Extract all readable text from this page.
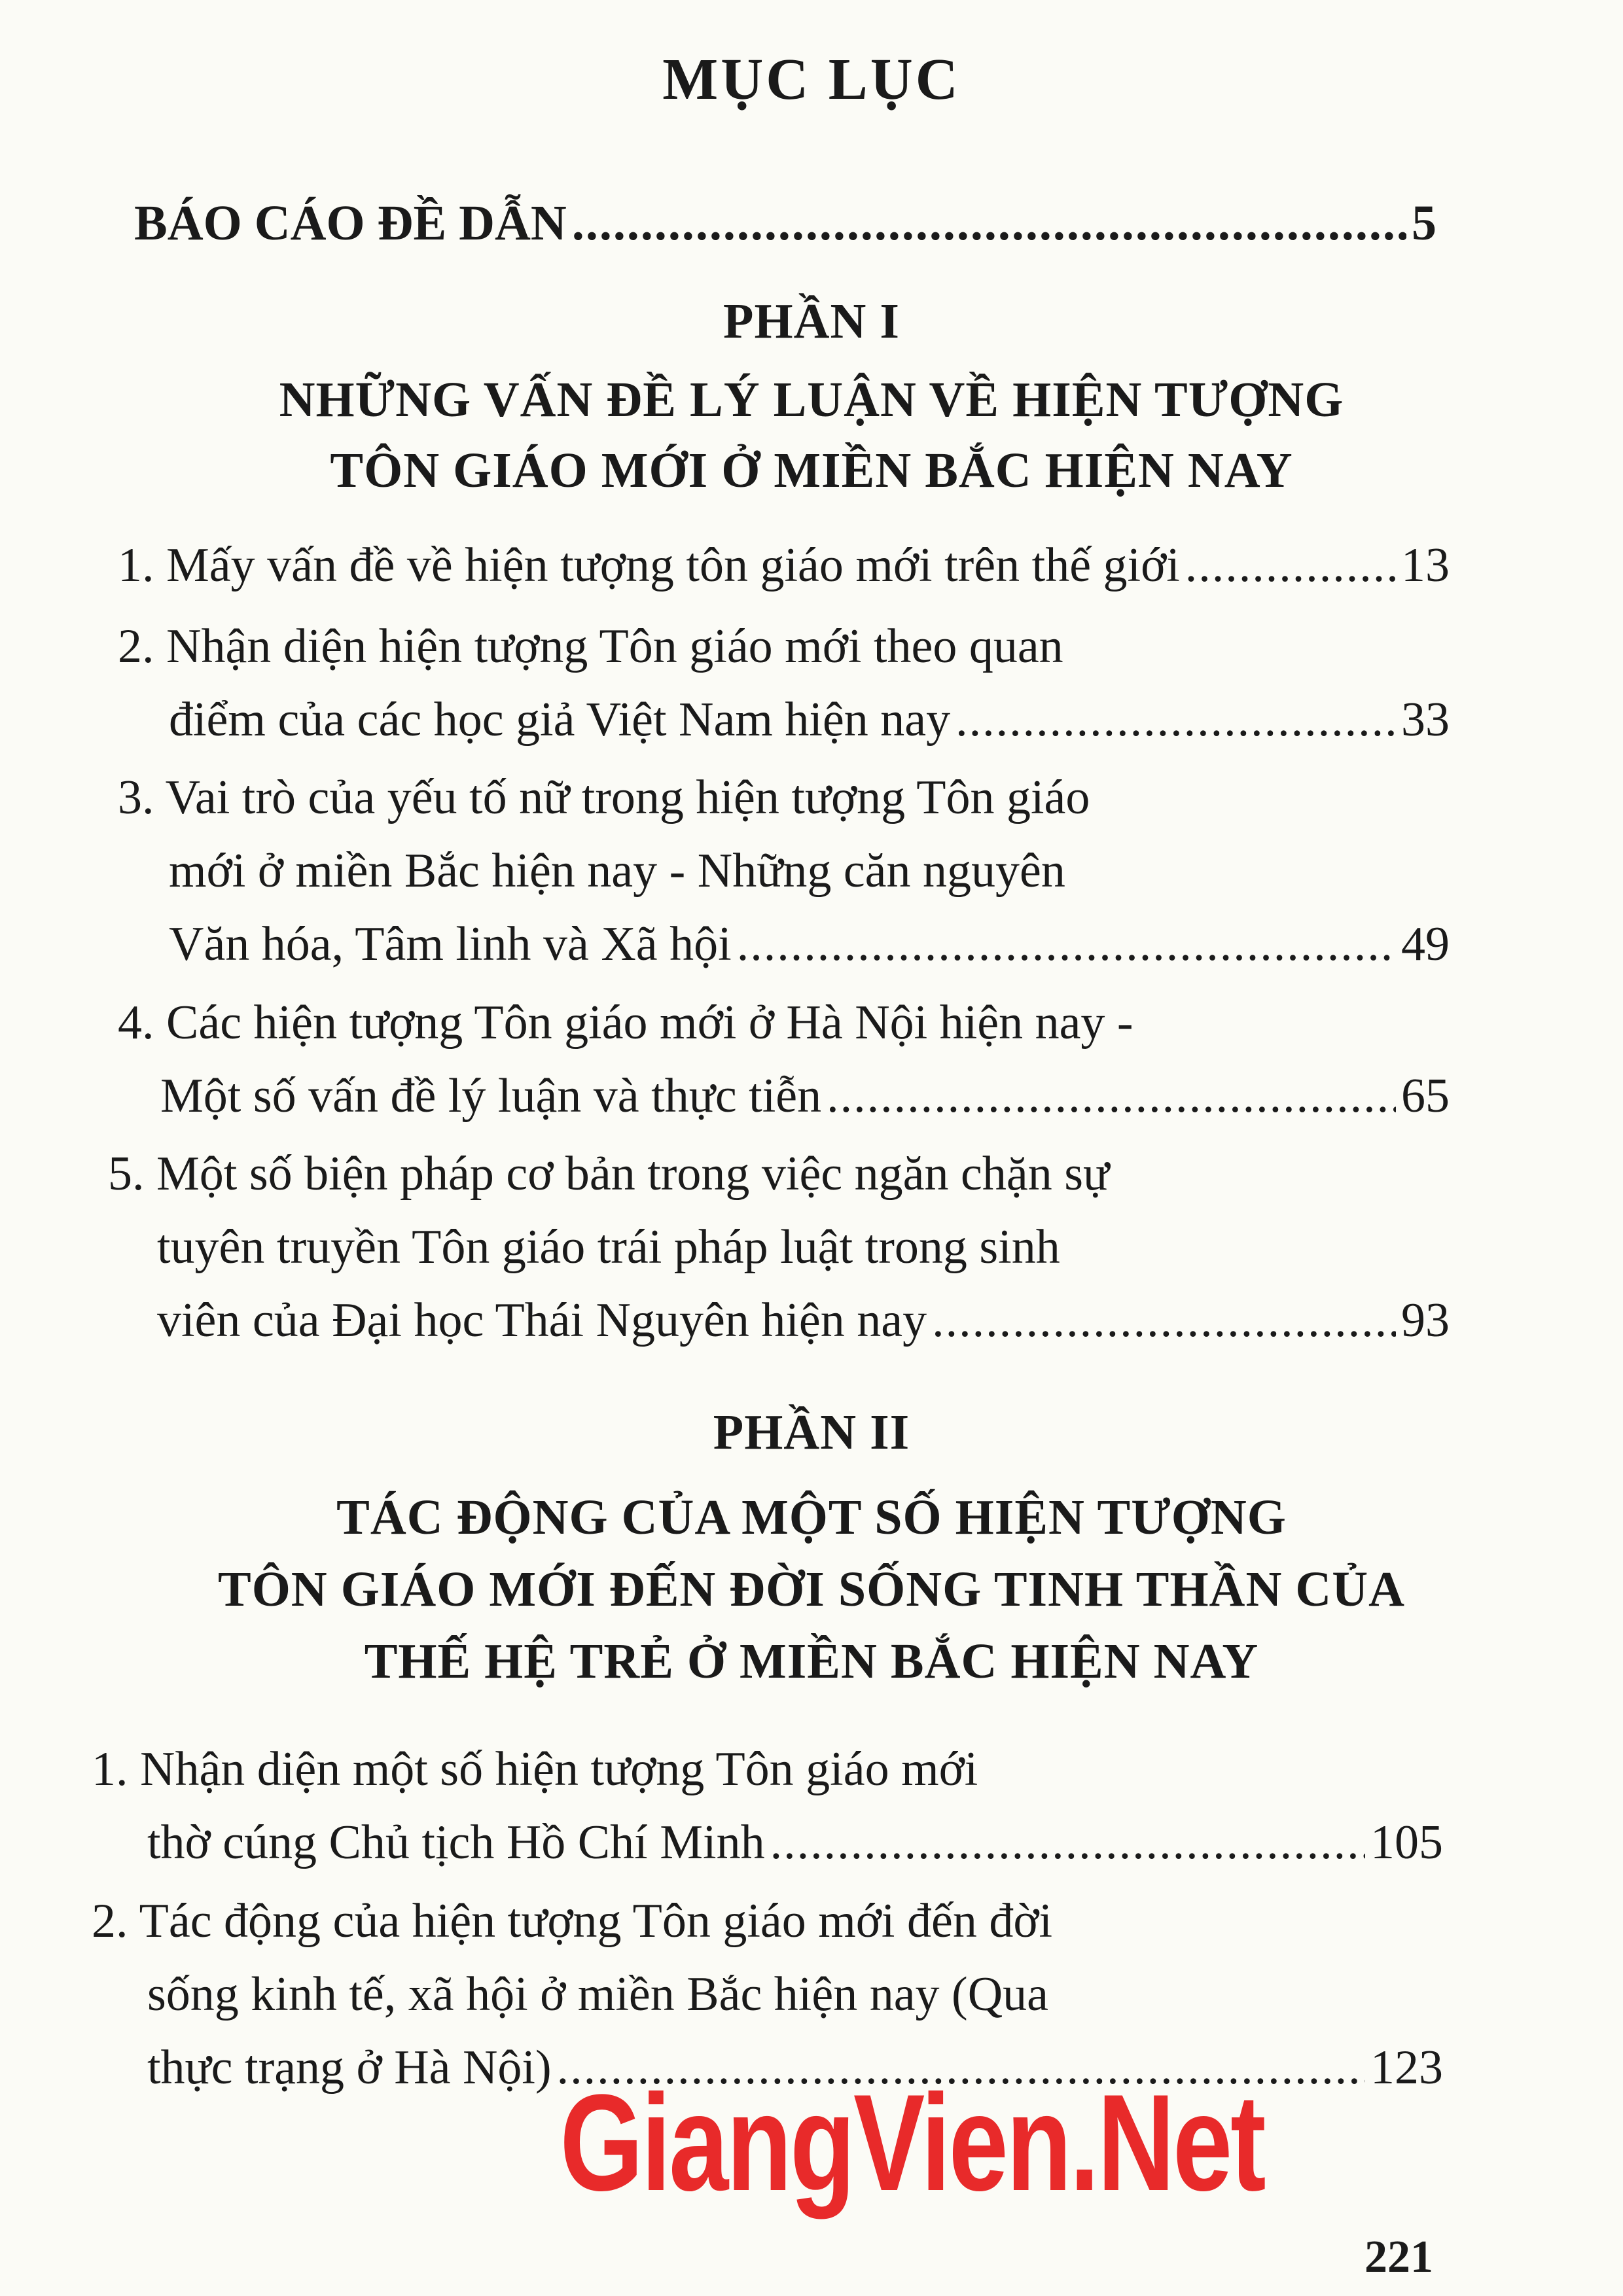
MỤC LỤC
BÁO CÁO ĐỀ DẪN .....	5
PHẦN I
NHỮNG VẤN ĐỀ LÝ LUẬN VỀ HIỆN TƯỢNG
TÔN GIÁO MỚI Ở MIỀN BẮC HIỆN NAY
1. Mấy vấn đề về hiện tượng tôn giáo mới trên thế giới .....	13
2. Nhận diện hiện tượng Tôn giáo mới theo quan
điểm của các học giả Việt Nam hiện nay .....	33
3. Vai trò của yếu tố nữ trong hiện tượng Tôn giáo
mới ở miền Bắc hiện nay - Những căn nguyên
Văn hóa, Tâm linh và Xã hội .....	49
4. Các hiện tượng Tôn giáo mới ở Hà Nội hiện nay -
Một số vấn đề lý luận và thực tiễn .....	65
5. Một số biện pháp cơ bản trong việc ngăn chặn sự
tuyên truyền Tôn giáo trái pháp luật trong sinh
viên của Đại học Thái Nguyên hiện nay .....	93
PHẦN II
TÁC ĐỘNG CỦA MỘT SỐ HIỆN TƯỢNG
TÔN GIÁO MỚI ĐẾN ĐỜI SỐNG TINH THẦN CỦA
THẾ HỆ TRẺ Ở MIỀN BẮC HIỆN NAY
1. Nhận diện một số hiện tượng Tôn giáo mới
thờ cúng Chủ tịch Hồ Chí Minh .....	105
2. Tác động của hiện tượng Tôn giáo mới đến đời
sống kinh tế, xã hội ở miền Bắc hiện nay (Qua
thực trạng ở Hà Nội) .....	123
GiangVien.Net
221
